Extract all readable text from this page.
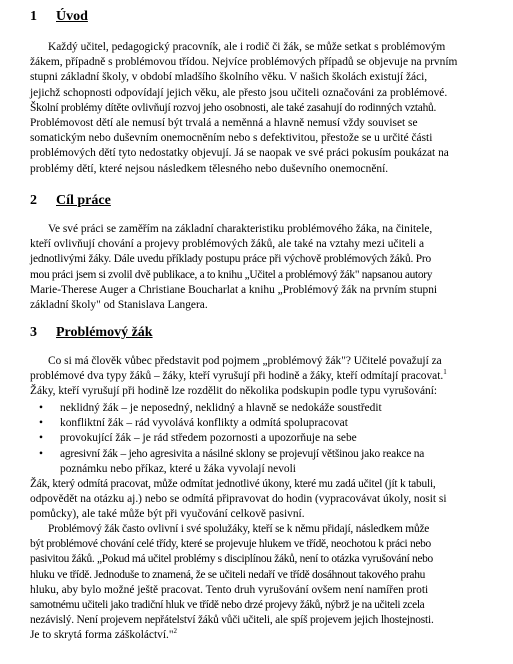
1 Úvod
Každý učitel, pedagogický pracovník, ale i rodič či žák, se může setkat s problémovým
žákem, případně s problémovou třídou. Nejvíce problémových případů se objevuje na prvním
stupni základní školy, v období mladšího školního věku. V našich školách existují žáci,
jejichž schopnosti odpovídají jejich věku, ale přesto jsou učiteli označováni za problémové.
Školní problémy dítěte ovlivňují rozvoj jeho osobnosti, ale také zasahují do rodinných vztahů.
Problémovost dětí ale nemusí být trvalá a neměnná a hlavně nemusí vždy souviset se
somatickým nebo duševním onemocněním nebo s defektivitou, přestože se u určité části
problémových dětí tyto nedostatky objevují. Já se naopak ve své práci pokusím poukázat na
problémy dětí, které nejsou následkem tělesného nebo duševního onemocnění.
2 Cíl práce
Ve své práci se zaměřím na základní charakteristiku problémového žáka, na činitele,
kteří ovlivňují chování a projevy problémových žáků, ale také na vztahy mezi učiteli a
jednotlivými žáky. Dále uvedu příklady postupu práce při výchově problémových žáků. Pro
mou práci jsem si zvolil dvě publikace, a to knihu „Učitel a problémový žák" napsanou autory
Marie-Therese Auger a Christiane Boucharlat a knihu „Problémový žák na prvním stupni
základní školy" od Stanislava Langera.
3 Problémový žák
Co si má člověk vůbec představit pod pojmem „problémový žák"? Učitelé považují za
problémové dva typy žáků – žáky, kteří vyrušují při hodině a žáky, kteří odmítají pracovat.$^1$
Žáky, kteří vyrušují při hodině lze rozdělit do několika podskupin podle typu vyrušování:
• neklidný žák – je neposedný, neklidný a hlavně se nedokáže soustředit
• konfliktní žák – rád vyvolává konflikty a odmítá spolupracovat
• provokující žák – je rád středem pozornosti a upozorňuje na sebe
• agresivní žák – jeho agresivita a násilné sklony se projevují většinou jako reakce na
poznámku nebo příkaz, které u žáka vyvolají nevoli
Žák, který odmítá pracovat, může odmítat jednotlivé úkony, které mu zadá učitel (jít k tabuli,
odpovědět na otázku aj.) nebo se odmítá připravovat do hodin (vypracovávat úkoly, nosit si
pomůcky), ale také může být při vyučování celkově pasivní.
Problémový žák často ovlivní i své spolužáky, kteří se k němu přidají, následkem může
být problémové chování celé třídy, které se projevuje hlukem ve třídě, neochotou k práci nebo
pasivitou žáků. „Pokud má učitel problémy s disciplínou žáků, není to otázka vyrušování nebo
hluku ve třídě. Jednoduše to znamená, že se učiteli nedaří ve třídě dosáhnout takového prahu
hluku, aby bylo možné ještě pracovat. Tento druh vyrušování ovšem není namířen proti
samotnému učiteli jako tradiční hluk ve třídě nebo drzé projevy žáků, nýbrž je na učiteli zcela
nezávislý. Není projevem nepřátelství žáků vůči učiteli, ale spíš projevem jejich lhostejnosti.
Je to skrytá forma záškoláctví."$^2$
